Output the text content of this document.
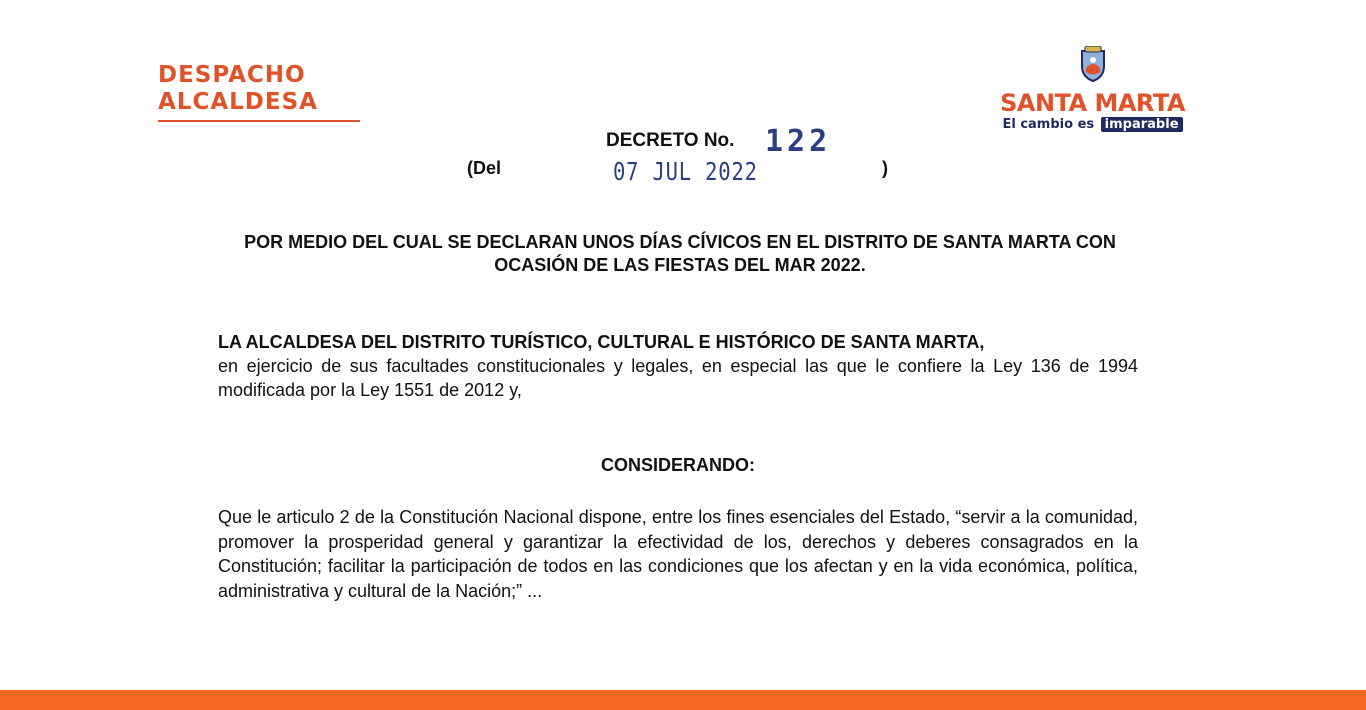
DESPACHO
ALCALDESA	SANTA MARTA
El cambio es imparable
DECRETO No. 122
(Del	07 JUL 2022	)
POR MEDIO DEL CUAL SE DECLARAN UNOS DÍAS CÍVICOS EN EL DISTRITO DE SANTA MARTA CON OCASIÓN DE LAS FIESTAS DEL MAR 2022.
LA ALCALDESA DEL DISTRITO TURÍSTICO, CULTURAL E HISTÓRICO DE SANTA MARTA,
en ejercicio de sus facultades constitucionales y legales, en especial las que le confiere la Ley 136 de 1994 modificada por la Ley 1551 de 2012 y,
CONSIDERANDO:
Que le articulo 2 de la Constitución Nacional dispone, entre los fines esenciales del Estado, “servir a la comunidad, promover la prosperidad general y garantizar la efectividad de los, derechos y deberes consagrados en la Constitución; facilitar la participación de todos en las condiciones que los afectan y en la vida económica, política, administrativa y cultural de la Nación;” ...
